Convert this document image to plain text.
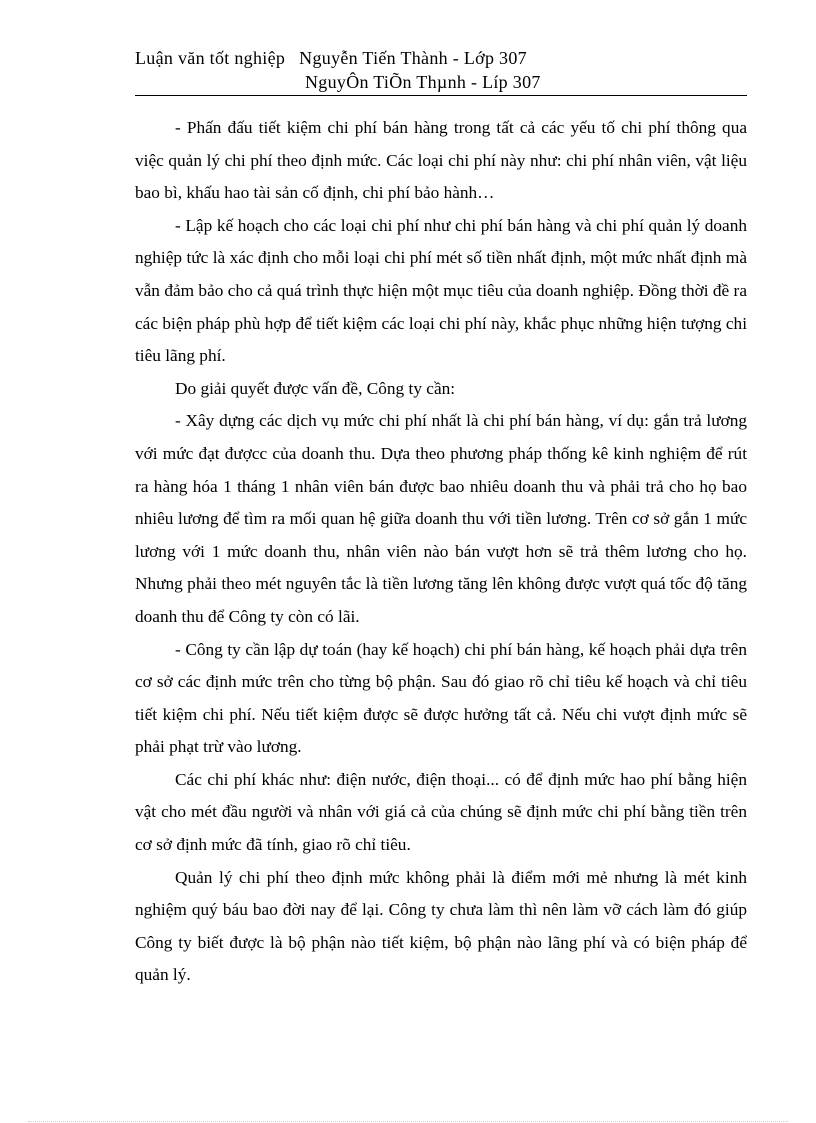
Luận văn tốt nghiệp Nguyễn Tiến Thành - Lớp 307
NguyÔn TiÕn Thµnh - Líp 307

- Phấn đấu tiết kiệm chi phí bán hàng trong tất cả các yếu tố chi phí thông qua việc quản lý chi phí theo định mức. Các loại chi phí này như: chi phí nhân viên, vật liệu bao bì, khấu hao tài sản cố định, chi phí bảo hành…

- Lập kế hoạch cho các loại chi phí như chi phí bán hàng và chi phí quản lý doanh nghiệp tức là xác định cho mỗi loại chi phí mét số tiền nhất định, một mức nhất định mà vẫn đảm bảo cho cả quá trình thực hiện một mục tiêu của doanh nghiệp. Đồng thời đề ra các biện pháp phù hợp để tiết kiệm các loại chi phí này, khắc phục những hiện tượng chi tiêu lãng phí.

Do giải quyết được vấn đề, Công ty cần:

- Xây dựng các dịch vụ mức chi phí nhất là chi phí bán hàng, ví dụ: gắn trả lương với mức đạt đượcc của doanh thu. Dựa theo phương pháp thống kê kinh nghiệm để rút ra hàng hóa 1 tháng 1 nhân viên bán được bao nhiêu doanh thu và phải trả cho họ bao nhiêu lương để tìm ra mối quan hệ giữa doanh thu với tiền lương. Trên cơ sở gắn 1 mức lương với 1 mức doanh thu, nhân viên nào bán vượt hơn sẽ trả thêm lương cho họ. Nhưng phải theo mét nguyên tắc là tiền lương tăng lên không được vượt quá tốc độ tăng doanh thu để Công ty còn có lãi.

- Công ty cần lập dự toán (hay kế hoạch) chi phí bán hàng, kế hoạch phải dựa trên cơ sở các định mức trên cho từng bộ phận. Sau đó giao rõ chỉ tiêu kế hoạch và chỉ tiêu tiết kiệm chi phí. Nếu tiết kiệm được sẽ được hưởng tất cả. Nếu chi vượt định mức sẽ phải phạt trừ vào lương.

Các chi phí khác như: điện nước, điện thoại... có để định mức hao phí bằng hiện vật cho mét đầu người và nhân với giá cả của chúng sẽ định mức chi phí bằng tiền trên cơ sở định mức đã tính, giao rõ chỉ tiêu.

Quản lý chi phí theo định mức không phải là điểm mới mẻ nhưng là mét kinh nghiệm quý báu bao đời nay để lại. Công ty chưa làm thì nên làm vỡ cách làm đó giúp Công ty biết được là bộ phận nào tiết kiệm, bộ phận nào lãng phí và có biện pháp để quản lý.
